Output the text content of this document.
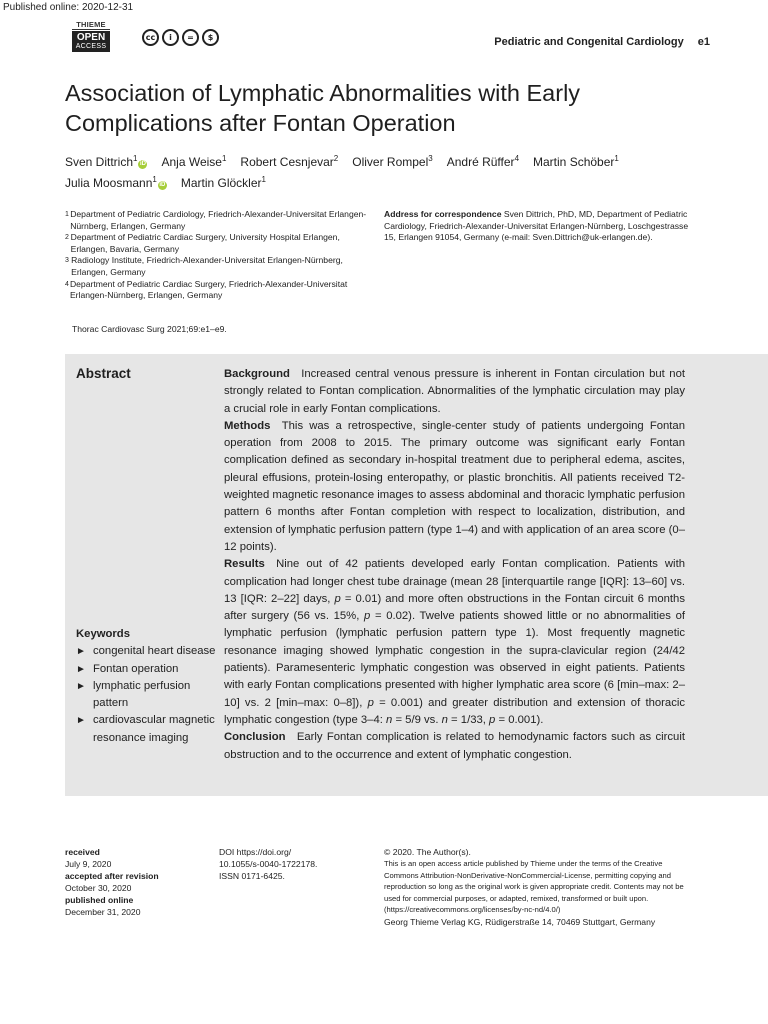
Published online: 2020-12-31
THIEME
OPEN
ACCESS
cc	i	=	$	Pediatric and Congenital Cardiology e1
Association of Lymphatic Abnormalities with Early Complications after Fontan Operation
Sven Dittrich$^1$iD Anja Weise$^1$ Robert Cesnjevar$^2$ Oliver Rompel$^3$ André Rüffer$^4$ Martin Schöber$^1$
Julia Moosmann$^1$iD Martin Glöckler$^1$
1 Department of Pediatric Cardiology, Friedrich-Alexander-Universitat Erlangen-Nürnberg, Erlangen, Germany
2 Department of Pediatric Cardiac Surgery, University Hospital Erlangen, Erlangen, Bavaria, Germany
3 Radiology Institute, Friedrich-Alexander-Universitat Erlangen-Nürnberg, Erlangen, Germany
4 Department of Pediatric Cardiac Surgery, Friedrich-Alexander-Universitat Erlangen-Nürnberg, Erlangen, Germany
Address for correspondence Sven Dittrich, PhD, MD, Department of Pediatric Cardiology, Friedrich-Alexander-Universitat Erlangen-Nürnberg, Loschgestrasse 15, Erlangen 91054, Germany (e-mail: Sven.Dittrich@uk-erlangen.de).
Thorac Cardiovasc Surg 2021;69:e1–e9.
Abstract
Keywords
► congenital heart disease
► Fontan operation
► lymphatic perfusion pattern
► cardiovascular magnetic resonance imaging

Background Increased central venous pressure is inherent in Fontan circulation but not strongly related to Fontan complication. Abnormalities of the lymphatic circulation may play a crucial role in early Fontan complications.

Methods This was a retrospective, single-center study of patients undergoing Fontan operation from 2008 to 2015. The primary outcome was significant early Fontan complication defined as secondary in-hospital treatment due to peripheral edema, ascites, pleural effusions, protein-losing enteropathy, or plastic bronchitis. All patients received T2-weighted magnetic resonance images to assess abdominal and thoracic lymphatic perfusion pattern 6 months after Fontan completion with respect to localization, distribution, and extension of lymphatic perfusion pattern (type 1–4) and with application of an area score (0–12 points).

Results Nine out of 42 patients developed early Fontan complication. Patients with complication had longer chest tube drainage (mean 28 [interquartile range [IQR]: 13–60] vs. 13 [IQR: 2–22] days, p = 0.01) and more often obstructions in the Fontan circuit 6 months after surgery (56 vs. 15%, p = 0.02). Twelve patients showed little or no abnormalities of lymphatic perfusion (lymphatic perfusion pattern type 1). Most frequently magnetic resonance imaging showed lymphatic congestion in the supra-clavicular region (24/42 patients). Paramesenteric lymphatic congestion was observed in eight patients. Patients with early Fontan complications presented with higher lymphatic area score (6 [min–max: 2–10] vs. 2 [min–max: 0–8]), p = 0.001) and greater distribution and extension of thoracic lymphatic congestion (type 3–4: n = 5/9 vs. n = 1/33, p = 0.001).

Conclusion Early Fontan complication is related to hemodynamic factors such as circuit obstruction and to the occurrence and extent of lymphatic congestion.

received
July 9, 2020
accepted after revision
October 30, 2020
published online
December 31, 2020
DOI https://doi.org/
10.1055/s-0040-1722178.
ISSN 0171-6425.
© 2020. The Author(s).
This is an open access article published by Thieme under the terms of the Creative Commons Attribution-NonDerivative-NonCommercial-License, permitting copying and reproduction so long as the original work is given appropriate credit. Contents may not be used for commercial purposes, or adapted, remixed, transformed or built upon. (https://creativecommons.org/licenses/by-nc-nd/4.0/)
Georg Thieme Verlag KG, Rüdigerstraße 14, 70469 Stuttgart, Germany
